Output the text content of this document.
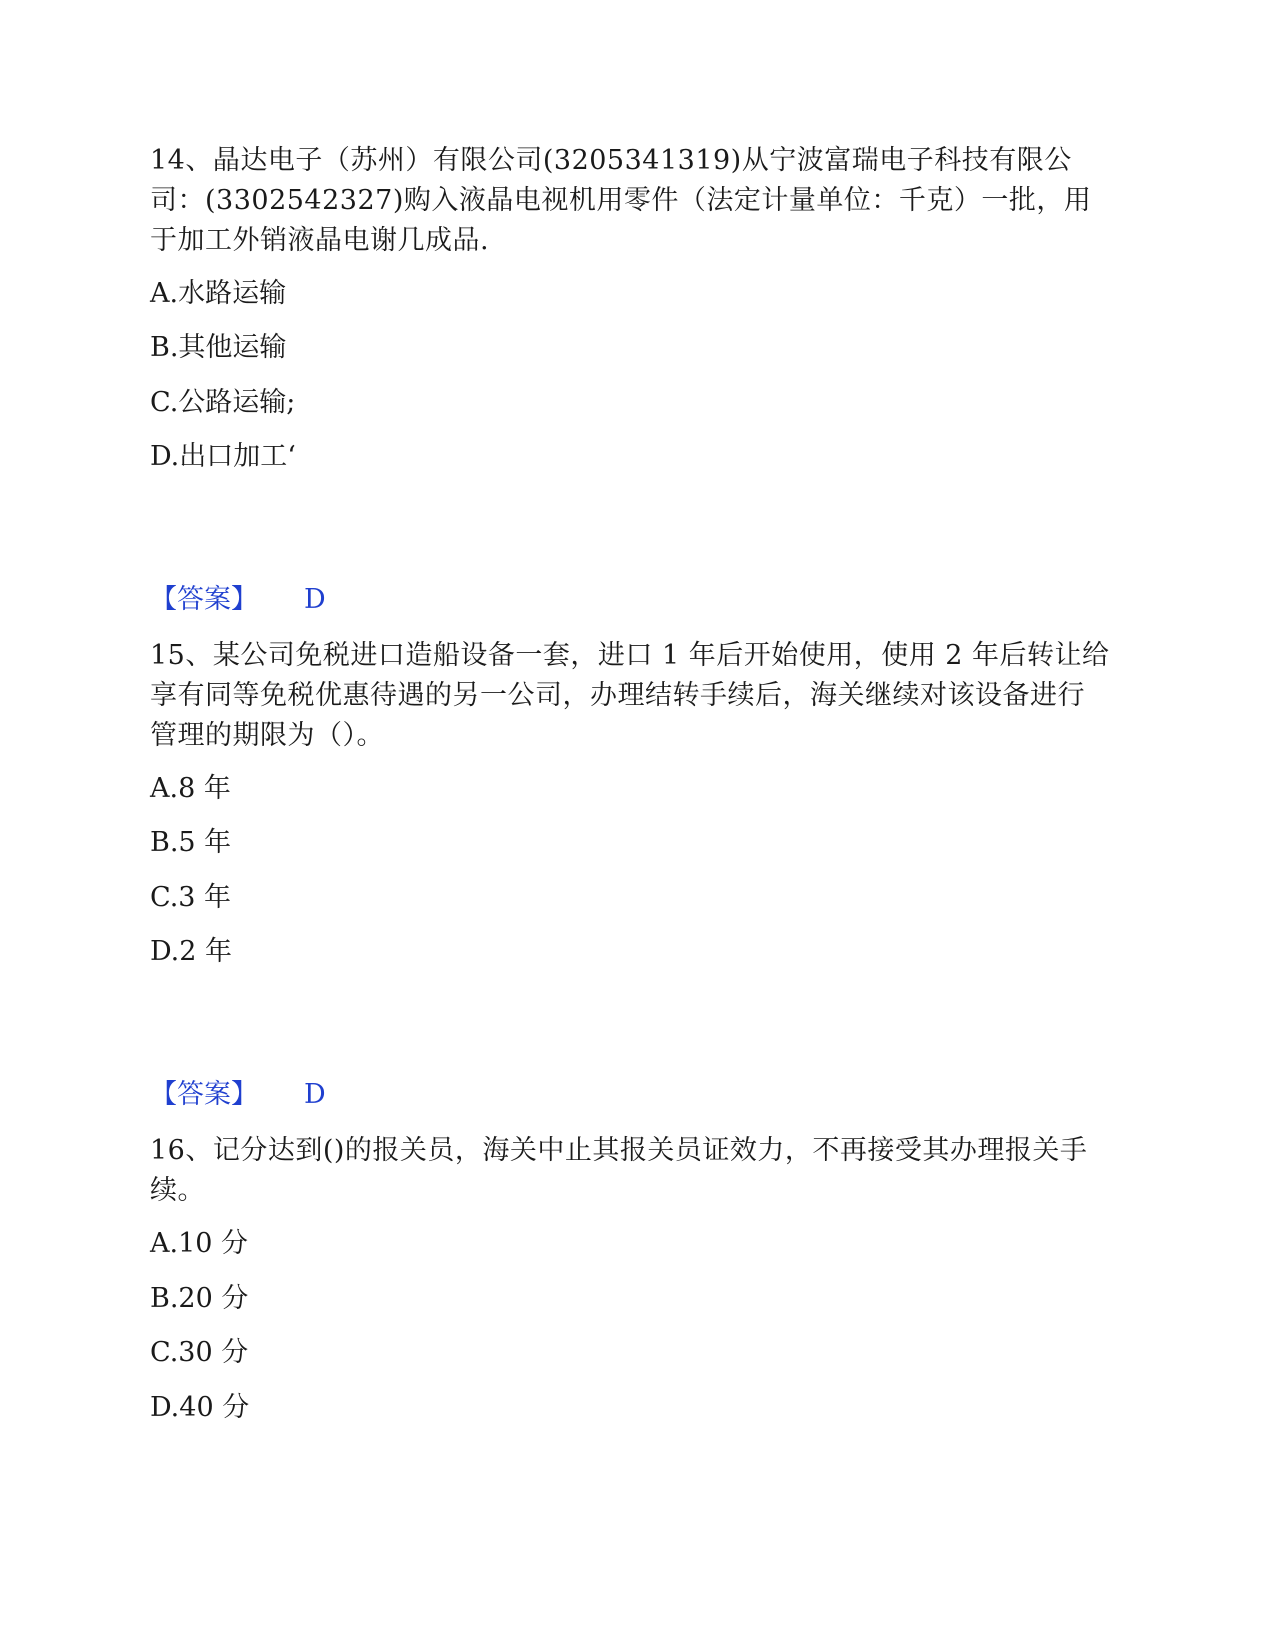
14、晶达电子（苏州）有限公司(3205341319)从宁波富瑞电子科技有限公司：(3302542327)购入液晶电视机用零件（法定计量单位：千克）一批，用于加工外销液晶电谢几成品.

A.水路运输

B.其他运输

C.公路运输;

D.出口加工‘

【答案】 D

15、某公司免税进口造船设备一套，进口 1 年后开始使用，使用 2 年后转让给享有同等免税优惠待遇的另一公司，办理结转手续后，海关继续对该设备进行管理的期限为（）。

A.8 年

B.5 年

C.3 年

D.2 年

【答案】 D

16、记分达到()的报关员，海关中止其报关员证效力，不再接受其办理报关手续。

A.10 分

B.20 分

C.30 分

D.40 分
